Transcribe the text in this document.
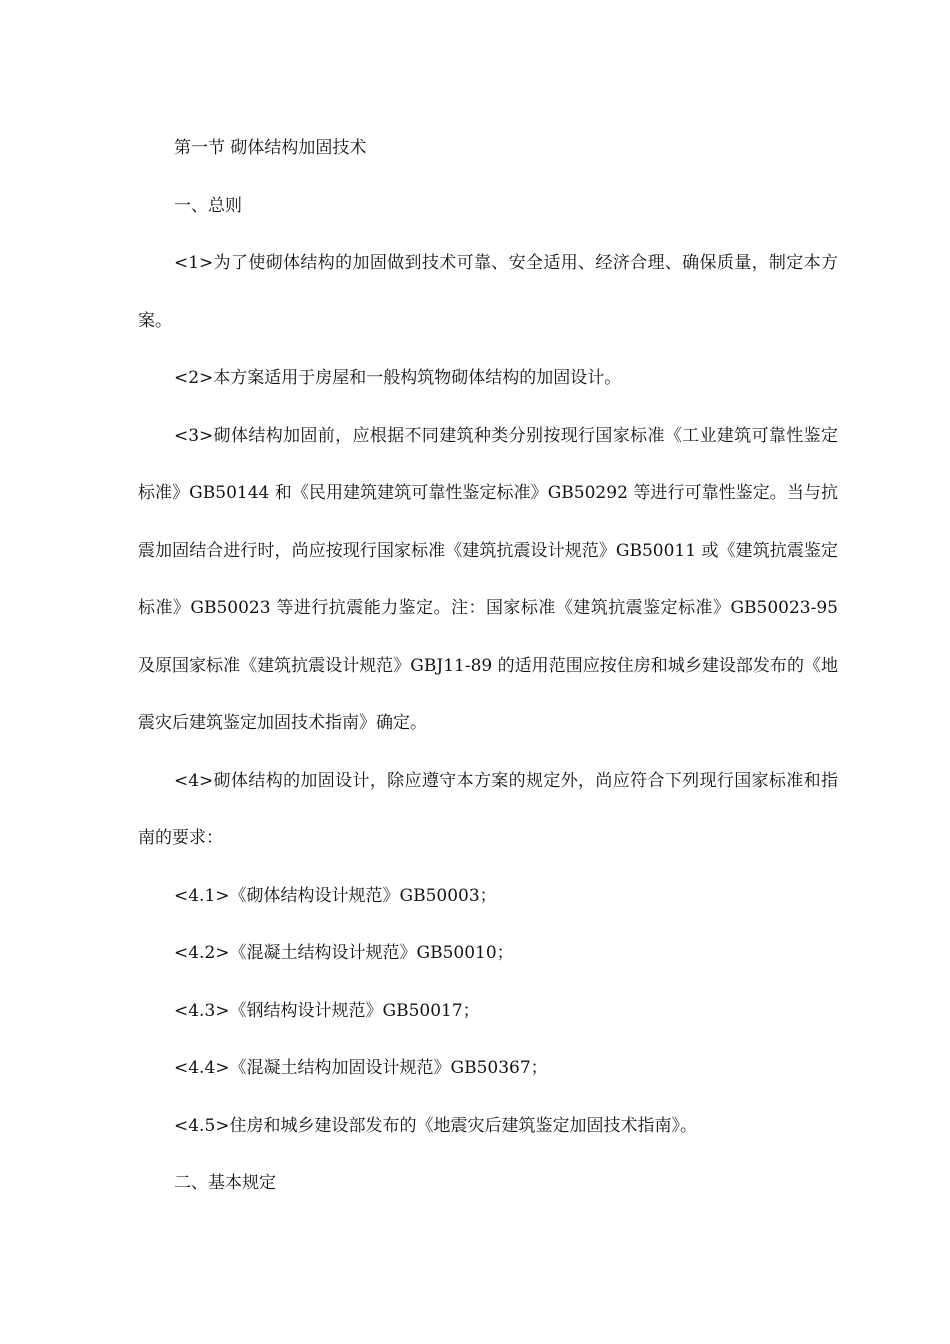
第一节 砌体结构加固技术

一、总则

<1>为了使砌体结构的加固做到技术可靠、安全适用、经济合理、确保质量，制定本方案。

<2>本方案适用于房屋和一般构筑物砌体结构的加固设计。

<3>砌体结构加固前，应根据不同建筑种类分别按现行国家标准《工业建筑可靠性鉴定标准》GB50144 和《民用建筑建筑可靠性鉴定标准》GB50292 等进行可靠性鉴定。当与抗震加固结合进行时，尚应按现行国家标准《建筑抗震设计规范》GB50011 或《建筑抗震鉴定标准》GB50023 等进行抗震能力鉴定。注：国家标准《建筑抗震鉴定标准》GB50023-95 及原国家标准《建筑抗震设计规范》GBJ11-89 的适用范围应按住房和城乡建设部发布的《地震灾后建筑鉴定加固技术指南》确定。

<4>砌体结构的加固设计，除应遵守本方案的规定外，尚应符合下列现行国家标准和指南的要求：

<4.1>《砌体结构设计规范》GB50003；

<4.2>《混凝土结构设计规范》GB50010；

<4.3>《钢结构设计规范》GB50017；

<4.4>《混凝土结构加固设计规范》GB50367；

<4.5>住房和城乡建设部发布的《地震灾后建筑鉴定加固技术指南》。

二、基本规定
